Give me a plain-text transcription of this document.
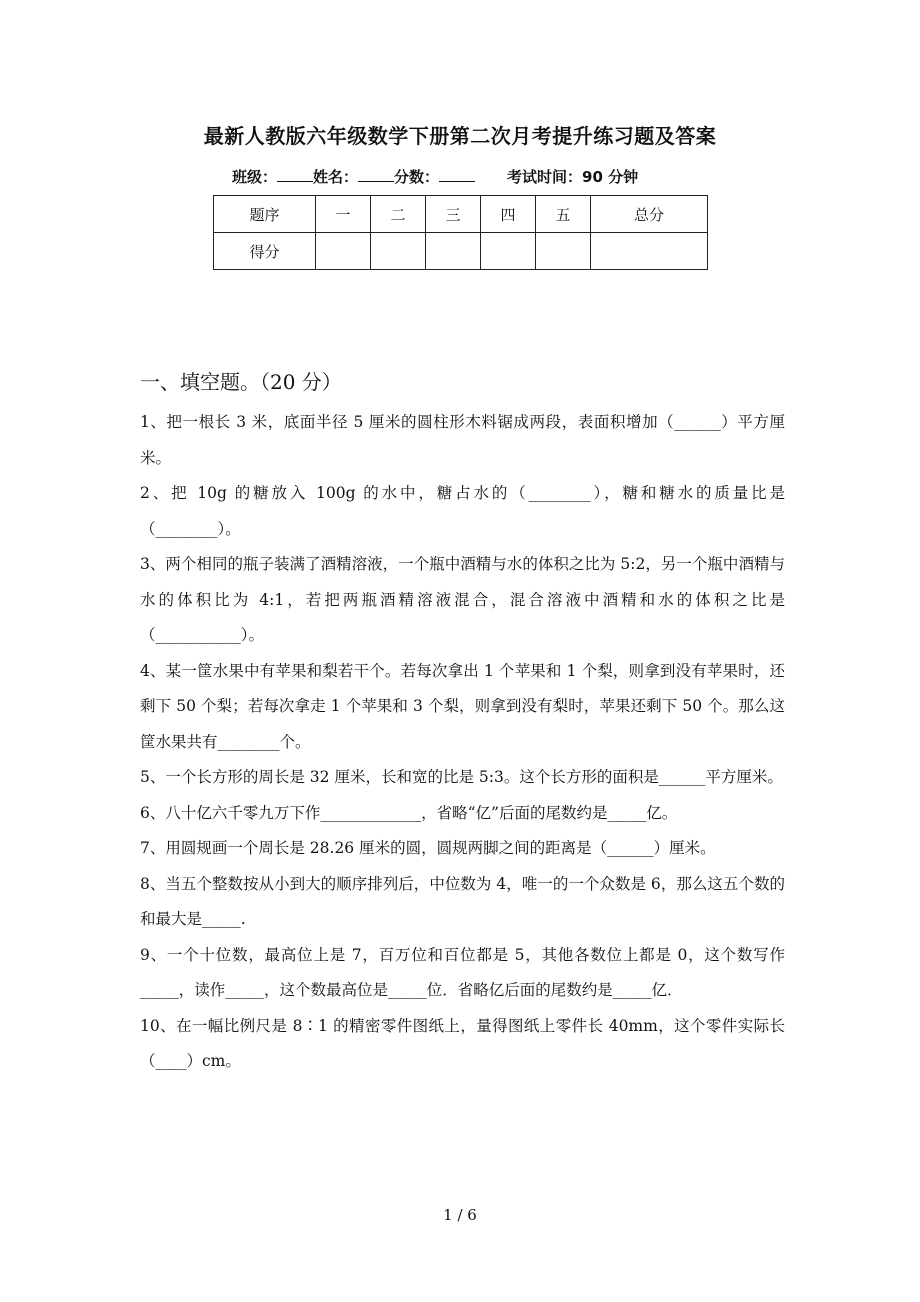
最新人教版六年级数学下册第二次月考提升练习题及答案
班级： 姓名： 分数：	考试时间：90 分钟
题序	一	二	三	四	五	总分
得分						
一、填空题。（20 分）

1、把一根长 3 米，底面半径 5 厘米的圆柱形木料锯成两段，表面积增加（______）平方厘米。

2、把 10g 的糖放入 100g 的水中，糖占水的（________），糖和糖水的质量比是（________）。

3、两个相同的瓶子装满了酒精溶液，一个瓶中酒精与水的体积之比为 5:2，另一个瓶中酒精与水的体积比为 4:1，若把两瓶酒精溶液混合，混合溶液中酒精和水的体积之比是（___________）。

4、某一筐水果中有苹果和梨若干个。若每次拿出 1 个苹果和 1 个梨，则拿到没有苹果时，还剩下 50 个梨；若每次拿走 1 个苹果和 3 个梨，则拿到没有梨时，苹果还剩下 50 个。那么这筐水果共有________个。

5、一个长方形的周长是 32 厘米，长和宽的比是 5:3。这个长方形的面积是______平方厘米。

6、八十亿六千零九万下作_____________，省略“亿”后面的尾数约是_____亿。

7、用圆规画一个周长是 28.26 厘米的圆，圆规两脚之间的距离是（______）厘米。

8、当五个整数按从小到大的顺序排列后，中位数为 4，唯一的一个众数是 6，那么这五个数的和最大是_____.

9、一个十位数，最高位上是 7，百万位和百位都是 5，其他各数位上都是 0，这个数写作_____，读作_____，这个数最高位是_____位．省略亿后面的尾数约是_____亿．

10、在一幅比例尺是 8∶1 的精密零件图纸上，量得图纸上零件长 40mm，这个零件实际长（____）cm。

1 / 6
